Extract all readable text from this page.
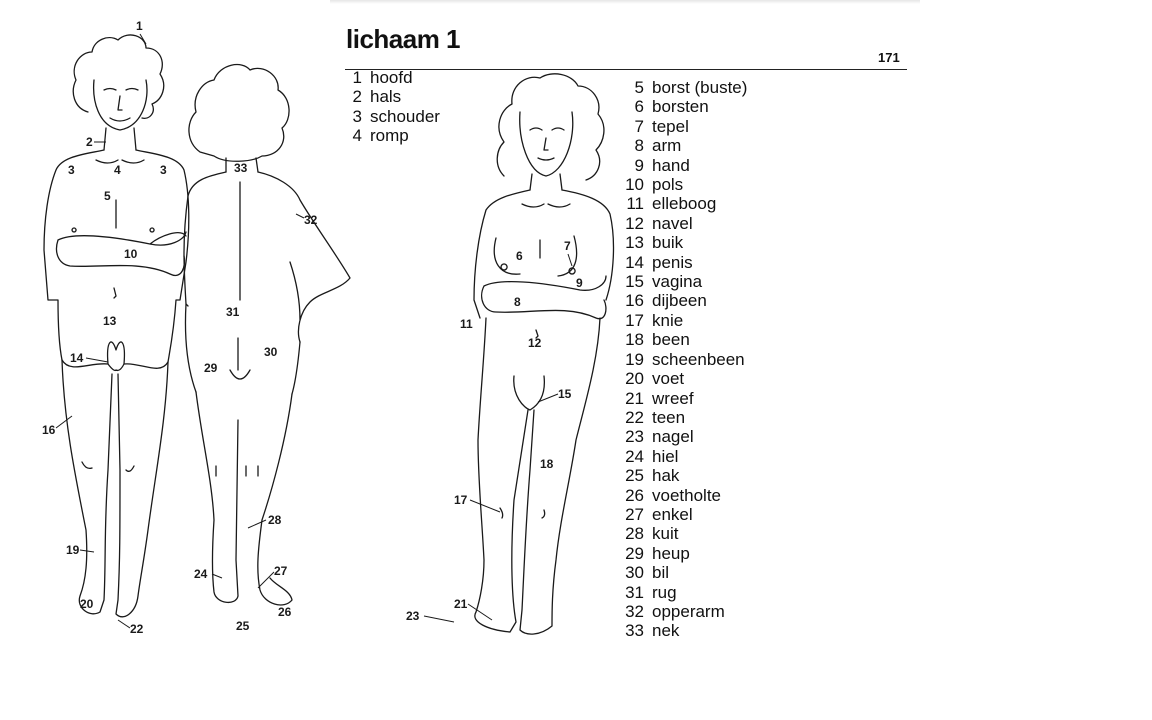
lichaam 1
171
1 hoofd
2 hals
3 schouder
4 romp
5 borst (buste)
6 borsten
7 tepel
8 arm
9 hand
10 pols
11 elleboog
12 navel
13 buik
14 penis
15 vagina
16 dijbeen
17 knie
18 been
19 scheenbeen
20 voet
21 wreef
22 teen
23 nagel
24 hiel
25 hak
26 voetholte
27 enkel
28 kuit
29 heup
30 bil
31 rug
32 opperarm
33 nek
1
2
3	4	3
5
10
13
14
16
19
20
22
33
32
31
30
29
28
24	27
25
26
6
7
9
8
11
12
15
18
17
21
23
